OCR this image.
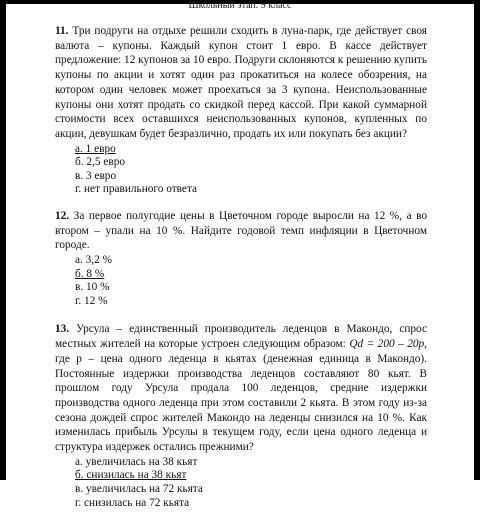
Школьный этап. 9 класс
11. Три подруги на отдыхе решили сходить в луна-парк, где действует своя валюта – купоны. Каждый купон стоит 1 евро. В кассе действует предложение: 12 купонов за 10 евро. Подруги склоняются к решению купить купоны по акции и хотят один раз прокатиться на колесе обозрения, на котором один человек может проехаться за 3 купона. Неиспользованные купоны они хотят продать со скидкой перед кассой. При какой суммарной стоимости всех оставшихся неиспользованных купонов, купленных по акции, девушкам будет безразлично, продать их или покупать без акции?
а. 1 евро
б. 2,5 евро
в. 3 евро
г. нет правильного ответа
12. За первое полугодие цены в Цветочном городе выросли на 12 %, а во втором – упали на 10 %. Найдите годовой темп инфляции в Цветочном городе.
а. 3,2 %
б. 8 %
в. 10 %
г. 12 %
13. Урсула – единственный производитель леденцов в Макондо, спрос местных жителей на которые устроен следующим образом: Qd = 200 – 20p, где p – цена одного леденца в кьятах (денежная единица в Макондо). Постоянные издержки производства леденцов составляют 80 кьят. В прошлом году Урсула продала 100 леденцов, средние издержки производства одного леденца при этом составили 2 кьята. В этом году из-за сезона дождей спрос жителей Макондо на леденцы снизился на 10 %. Как изменилась прибыль Урсулы в текущем году, если цена одного леденца и структура издержек остались прежними?
а. увеличилась на 38 кьят
б. снизилась на 38 кьят
в. увеличилась на 72 кьята
г. снизилась на 72 кьята
